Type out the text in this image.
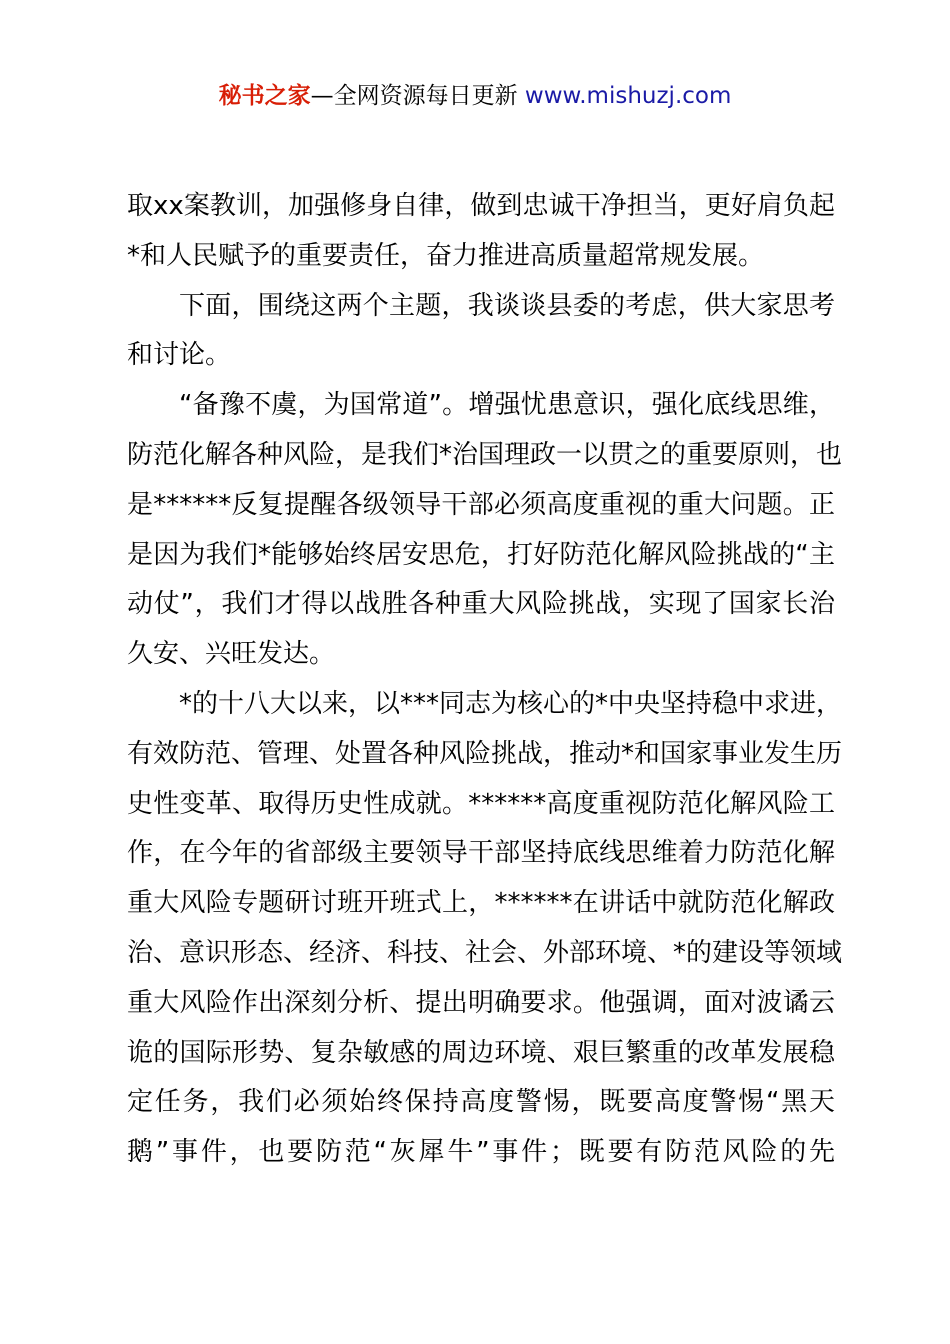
秘书之家—全网资源每日更新 www.mishuzj.com
取xx案教训，加强修身自律，做到忠诚干净担当，更好肩负起
*和人民赋予的重要责任，奋力推进高质量超常规发展。
下面，围绕这两个主题，我谈谈县委的考虑，供大家思考
和讨论。
“备豫不虞，为国常道”。增强忧患意识，强化底线思维，
防范化解各种风险，是我们*治国理政一以贯之的重要原则，也
是******反复提醒各级领导干部必须高度重视的重大问题。正
是因为我们*能够始终居安思危，打好防范化解风险挑战的“主
动仗”，我们才得以战胜各种重大风险挑战，实现了国家长治
久安、兴旺发达。
*的十八大以来，以***同志为核心的*中央坚持稳中求进，
有效防范、管理、处置各种风险挑战，推动*和国家事业发生历
史性变革、取得历史性成就。******高度重视防范化解风险工
作，在今年的省部级主要领导干部坚持底线思维着力防范化解
重大风险专题研讨班开班式上，******在讲话中就防范化解政
治、意识形态、经济、科技、社会、外部环境、*的建设等领域
重大风险作出深刻分析、提出明确要求。他强调，面对波谲云
诡的国际形势、复杂敏感的周边环境、艰巨繁重的改革发展稳
定任务，我们必须始终保持高度警惕，既要高度警惕“黑天
鹅”事件，也要防范“灰犀牛”事件；既要有防范风险的先
